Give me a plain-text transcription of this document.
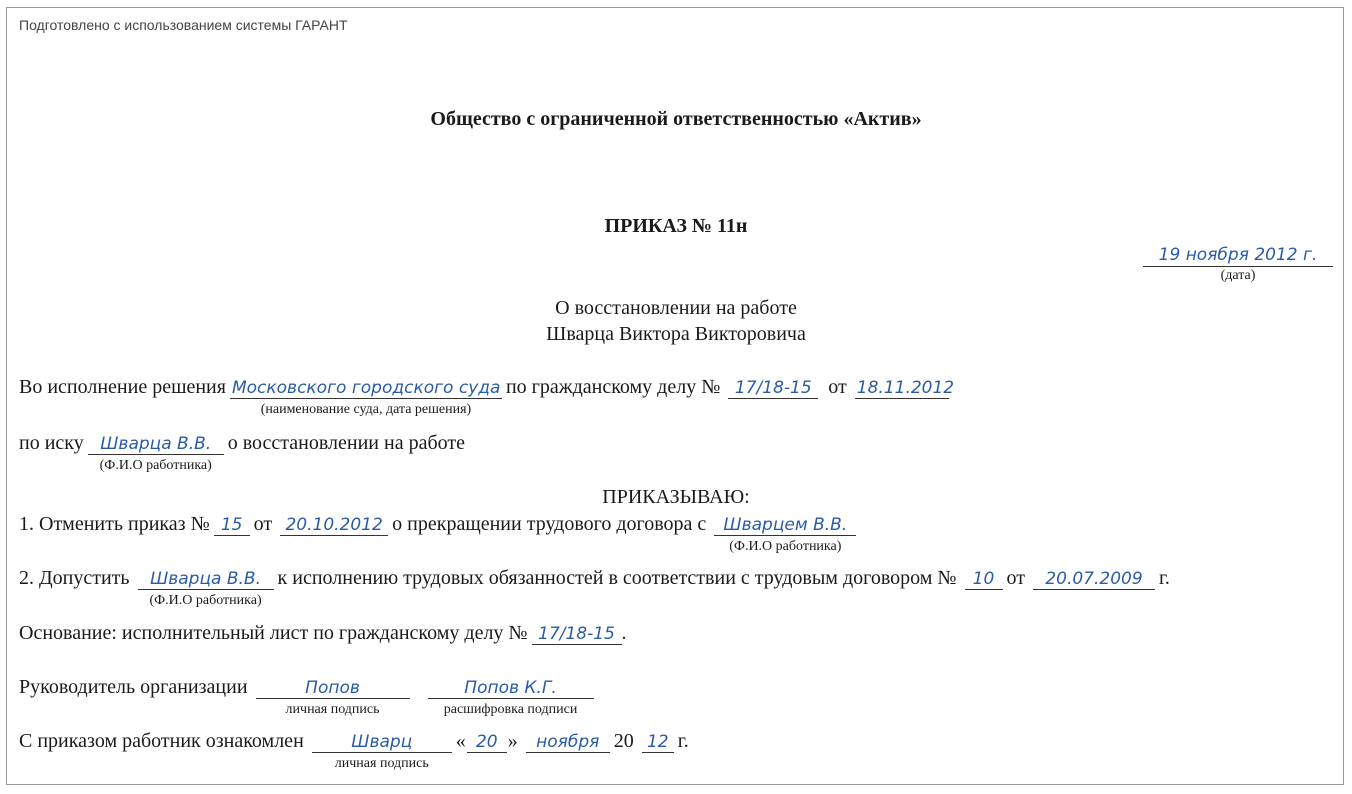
Подготовлено с использованием системы ГАРАНТ
Общество с ограниченной ответственностью «Актив»
ПРИКАЗ № 11н
19 ноября 2012 г.
(дата)
О восстановлении на работе
Шварца Виктора Викторовича
Во исполнение решения Московского городского суда
(наименование суда, дата решения)
по гражданскому делу № 17/18-15 от 18.11.2012
по иску Шварца В.В.
(Ф.И.О работника)
о восстановлении на работе
ПРИКАЗЫВАЮ:
1. Отменить приказ № 15 от 20.10.2012 о прекращении трудового договора с	Шварцем В.В.
(Ф.И.О работника)
2. Допустить	Шварца В.В.
(Ф.И.О работника)
к исполнению трудовых обязанностей в соответствии с трудовым договором № 10 от	20.07.2009 г.
Основание: исполнительный лист по гражданскому делу № 17/18-15 .
Руководитель организации	Попов
личная подпись
Попов К.Г.
расшифровка подписи
С приказом работник ознакомлен	Шварц
личная подпись
« 20 »	ноября 20 12 г.
